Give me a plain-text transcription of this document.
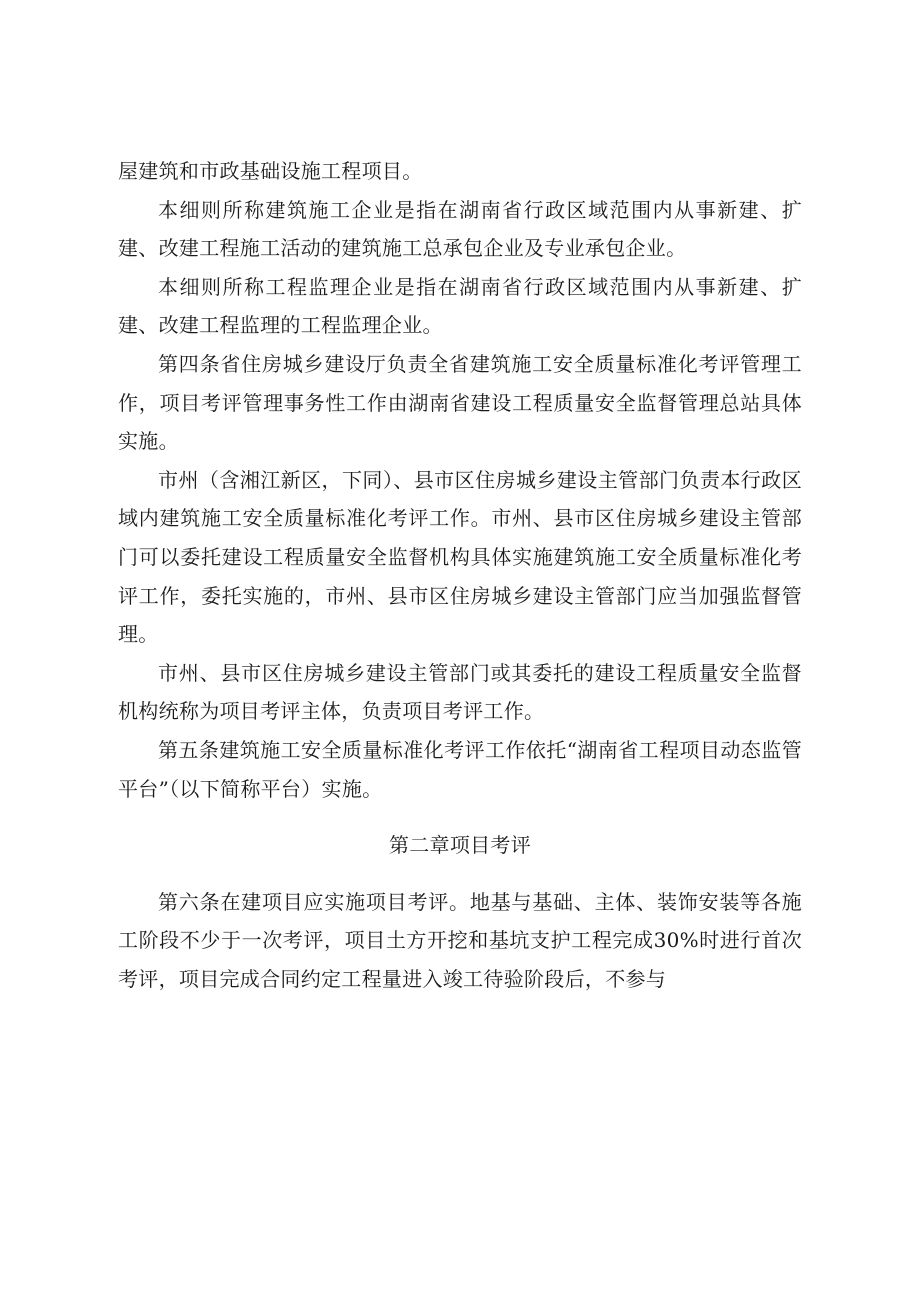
屋建筑和市政基础设施工程项目。

本细则所称建筑施工企业是指在湖南省行政区域范围内从事新建、扩建、改建工程施工活动的建筑施工总承包企业及专业承包企业。

本细则所称工程监理企业是指在湖南省行政区域范围内从事新建、扩建、改建工程监理的工程监理企业。

第四条省住房城乡建设厅负责全省建筑施工安全质量标准化考评管理工作，项目考评管理事务性工作由湖南省建设工程质量安全监督管理总站具体实施。

市州（含湘江新区，下同）、县市区住房城乡建设主管部门负责本行政区域内建筑施工安全质量标准化考评工作。市州、县市区住房城乡建设主管部门可以委托建设工程质量安全监督机构具体实施建筑施工安全质量标准化考评工作，委托实施的，市州、县市区住房城乡建设主管部门应当加强监督管理。

市州、县市区住房城乡建设主管部门或其委托的建设工程质量安全监督机构统称为项目考评主体，负责项目考评工作。

第五条建筑施工安全质量标准化考评工作依托“湖南省工程项目动态监管平台”（以下简称平台）实施。

第二章项目考评

第六条在建项目应实施项目考评。地基与基础、主体、装饰安装等各施工阶段不少于一次考评，项目土方开挖和基坑支护工程完成30%时进行首次考评，项目完成合同约定工程量进入竣工待验阶段后，不参与
